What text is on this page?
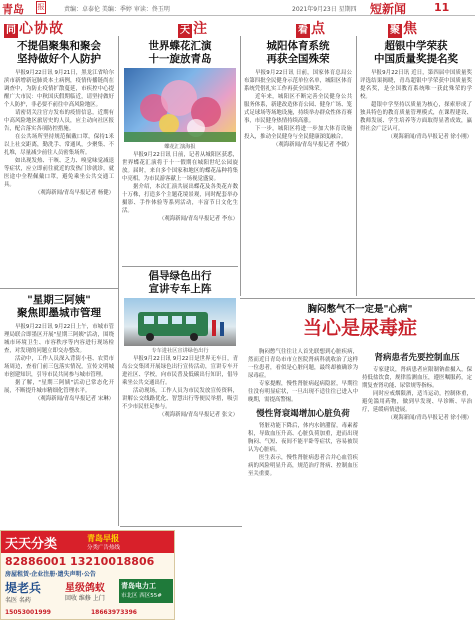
青岛 报	责编：卓泰伦 美编：季婷 审读：佟玉明	2021年9月23日 星期四 短新闻	11
同 心协故	天 注	看 点	聚 焦
不提倡聚集和聚会
坚持做好个人防护

早报9月22日讯 9月21日，黑龙江省哈尔滨市新增新冠肺炎本土病例，疫情传播链尚在调查中，为防止疫情扩散蔓延，市疾控中心提醒广大市民：中秋国庆假期临近，请坚持做好个人防护，非必要不前往中高风险地区。

请密切关注官方发布的疫情信息，近期有中高风险地区旅居史的人员，应主动向社区报告，配合落实各项防控措施。

在公共场所坚持规范佩戴口罩，保持1米以上社交距离，勤洗手、常通风，少聚集、不扎堆，尽量减少前往人员密集场所。

如出现发热、干咳、乏力、嗅觉味觉减退等症状，应立即前往就近的发热门诊就诊，就医途中全程佩戴口罩，避免乘坐公共交通工具。

（观海新闻/青岛早报记者 杨健）

"星期三阿姨"
聚焦即墨城市管理

早报9月22日讯 9月22日上午，市城市管理局联合即墨区开展"星期三阿姨"活动，围绕城市环境卫生、市容秩序等内容进行现场检查，对发现的问题立即交办整改。

活动中，工作人员深入背街小巷、农贸市场周边，查看门前三包落实情况，宣传文明城市创建知识，引导市民共同参与城市管理。

据了解，"星期三阿姨"活动已常态化开展，不断提升城市精细化管理水平。

（观海新闻/青岛早报记者 宋琳）

世界蝶花汇演
十一旋放青岛

蝶花汇演海报

早报9月22日讯 日前，记者从城阳区获悉，世界蝶花汇演将于十一假期在城阳世纪公园旋放。届时，来自多个国家和地区的蝶花品种将集中亮相，为市民游客献上一场视觉盛宴。

据介绍，本次汇演共展出蝶花及各类花卉数十万株，打造多个主题花境景观，同时配套举办摄影、手作体验等系列活动，丰富节日文化生活。

（观海新闻/青岛早报记者 李东）

倡导绿色出行
宣讲专车上阵

专车进社区宣讲绿色出行

早报9月22日讯 9月22日是世界无车日，青岛公交集团开展绿色出行宣传活动，宣讲专车开进社区、学校，向市民普及低碳出行知识，倡导乘坐公共交通出行。

活动现场，工作人员为市民发放宣传资料，讲解公交线路优化、智慧出行等便民举措，吸引不少市民驻足参与。

（观海新闻/青岛早报记者 张文）

城阳体育系统
再获全国殊荣

早报9月22日讯 日前，国家体育总局公布第四批全民健身示范单位名单，城阳区体育系统凭借扎实工作再获全国殊荣。

近年来，城阳区不断完善全民健身公共服务体系，新建改造体育公园、健身广场、笼式足球场等场地设施，持续举办群众性体育赛事，市民健身热情持续高涨。

下一步，城阳区将进一步加大体育设施投入，推动全民健身与全民健康深度融合。

（观海新闻/青岛早报记者 李媛）

超银中学荣获
中国质量奖提名奖

早报9月22日讯 近日，第四届中国质量奖评选结果揭晓，青岛超银中学荣获中国质量奖提名奖，是全国教育系统唯一获此殊荣的学校。

超银中学坚持以质量为核心，探索形成了独具特色的教育质量管理模式，在课程建设、教师发展、学生培养等方面取得显著成效，赢得社会广泛认可。

（观海新闻/青岛早报记者 徐小刚）

胸闷憋气不一定是"心病"
当心是尿毒症

胸闷憋气往往让人首先联想到心脏疾病，然而近日青岛市市立医院肾病科就收治了这样一位患者，看似是心脏问题，最终却被确诊为尿毒症。

专家提醒，慢性肾脏病起病隐匿，早期往往没有明显症状，一旦出现不适往往已进入中晚期，需提高警惕。

慢性肾衰竭增加心脏负荷

肾脏功能下降后，体内水钠潴留，毒素蓄积，导致血压升高、心脏负荷加重，进而出现胸闷、气短、夜间不能平卧等症状，容易被误认为心脏病。

医生表示，慢性肾脏病患者合并心血管疾病的风险明显升高，规范治疗肾病、控制血压至关重要。

肾病患者先要控制血压

专家建议，肾病患者应限制钠盐摄入，保持低盐饮食，规律监测血压，遵医嘱服药，定期复查肾功能、尿常规等指标。

同时应戒烟限酒，适当运动，控制体重，避免滥用药物，做到早发现、早诊断、早治疗，延缓病情进展。

（观海新闻/青岛早报记者 徐小刚）

天天分类	青岛早报
分类广告热线
82886001 13210018806
房屋租赁·企业注册·遗失声明·公告
堤老兵
名医 名药
星级鸽蚁
回收 维修 上门
青岛电力工
市北区 西区55#
15053001999	18663973396
